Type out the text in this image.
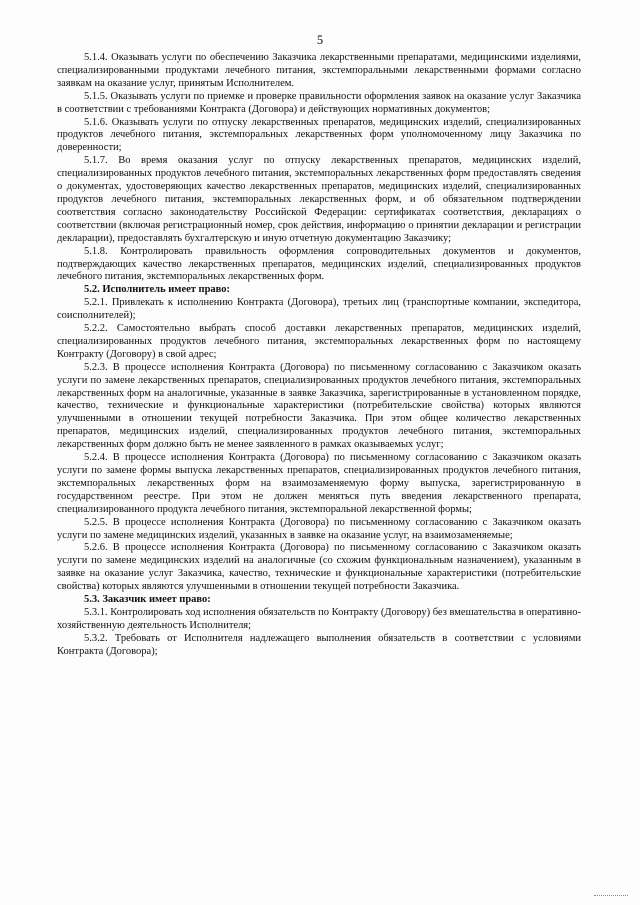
5

5.1.4. Оказывать услуги по обеспечению Заказчика лекарственными препаратами, медицинскими изделиями, специализированными продуктами лечебного питания, экстемпоральными лекарственными формами согласно заявкам на оказание услуг, принятым Исполнителем.

5.1.5. Оказывать услуги по приемке и проверке правильности оформления заявок на оказание услуг Заказчика в соответствии с требованиями Контракта (Договора) и действующих нормативных документов;

5.1.6. Оказывать услуги по отпуску лекарственных препаратов, медицинских изделий, специализированных продуктов лечебного питания, экстемпоральных лекарственных форм уполномоченному лицу Заказчика по доверенности;

5.1.7. Во время оказания услуг по отпуску лекарственных препаратов, медицинских изделий, специализированных продуктов лечебного питания, экстемпоральных лекарственных форм предоставлять сведения о документах, удостоверяющих качество лекарственных препаратов, медицинских изделий, специализированных продуктов лечебного питания, экстемпоральных лекарственных форм, и об обязательном подтверждении соответствия согласно законодательству Российской Федерации: сертификатах соответствия, декларациях о соответствии (включая регистрационный номер, срок действия, информацию о принятии декларации и регистрации декларации), предоставлять бухгалтерскую и иную отчетную документацию Заказчику;

5.1.8. Контролировать правильность оформления сопроводительных документов и документов, подтверждающих качество лекарственных препаратов, медицинских изделий, специализированных продуктов лечебного питания, экстемпоральных лекарственных форм.

5.2. Исполнитель имеет право:

5.2.1. Привлекать к исполнению Контракта (Договора), третьих лиц (транспортные компании, экспедитора, соисполнителей);

5.2.2. Самостоятельно выбрать способ доставки лекарственных препаратов, медицинских изделий, специализированных продуктов лечебного питания, экстемпоральных лекарственных форм по настоящему Контракту (Договору) в свой адрес;

5.2.3. В процессе исполнения Контракта (Договора) по письменному согласованию с Заказчиком оказать услуги по замене лекарственных препаратов, специализированных продуктов лечебного питания, экстемпоральных лекарственных форм на аналогичные, указанные в заявке Заказчика, зарегистрированные в установленном порядке, качество, технические и функциональные характеристики (потребительские свойства) которых являются улучшенными в отношении текущей потребности Заказчика. При этом общее количество лекарственных препаратов, медицинских изделий, специализированных продуктов лечебного питания, экстемпоральных лекарственных форм должно быть не менее заявленного в рамках оказываемых услуг;

5.2.4. В процессе исполнения Контракта (Договора) по письменному согласованию с Заказчиком оказать услуги по замене формы выпуска лекарственных препаратов, специализированных продуктов лечебного питания, экстемпоральных лекарственных форм на взаимозаменяемую форму выпуска, зарегистрированную в государственном реестре. При этом не должен меняться путь введения лекарственного препарата, специализированного продукта лечебного питания, экстемпоральной лекарственной формы;

5.2.5. В процессе исполнения Контракта (Договора) по письменному согласованию с Заказчиком оказать услуги по замене медицинских изделий, указанных в заявке на оказание услуг, на взаимозаменяемые;

5.2.6. В процессе исполнения Контракта (Договора) по письменному согласованию с Заказчиком оказать услуги по замене медицинских изделий на аналогичные (со схожим функциональным назначением), указанным в заявке на оказание услуг Заказчика, качество, технические и функциональные характеристики (потребительские свойства) которых являются улучшенными в отношении текущей потребности Заказчика.

5.3. Заказчик имеет право:

5.3.1. Контролировать ход исполнения обязательств по Контракту (Договору) без вмешательства в оперативно-хозяйственную деятельность Исполнителя;

5.3.2. Требовать от Исполнителя надлежащего выполнения обязательств в соответствии с условиями Контракта (Договора);
